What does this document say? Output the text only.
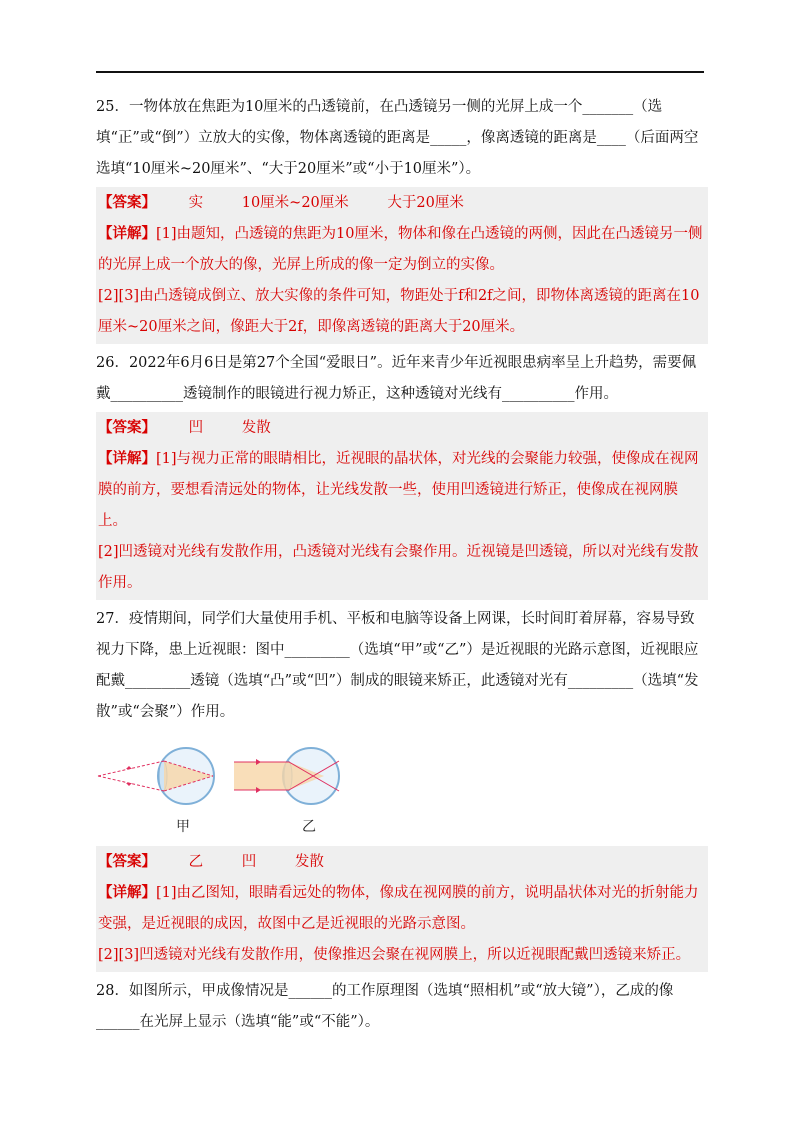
25．一物体放在焦距为10厘米的凸透镜前，在凸透镜另一侧的光屏上成一个_______（选填“正”或“倒”）立放大的实像，物体离透镜的距离是_____，像离透镜的距离是____（后面两空选填“10厘米~20厘米”、“大于20厘米”或“小于10厘米”）。

【答案】 实	10厘米~20厘米	大于20厘米

【详解】[1]由题知，凸透镜的焦距为10厘米，物体和像在凸透镜的两侧，因此在凸透镜另一侧的光屏上成一个放大的像，光屏上所成的像一定为倒立的实像。

[2][3]由凸透镜成倒立、放大实像的条件可知，物距处于f和2f之间，即物体离透镜的距离在10厘米~20厘米之间，像距大于2f，即像离透镜的距离大于20厘米。

26．2022年6月6日是第27个全国“爱眼日”。近年来青少年近视眼患病率呈上升趋势，需要佩戴__________透镜制作的眼镜进行视力矫正，这种透镜对光线有__________作用。

【答案】 凹	发散

【详解】[1]与视力正常的眼睛相比，近视眼的晶状体，对光线的会聚能力较强，使像成在视网膜的前方，要想看清远处的物体，让光线发散一些，使用凹透镜进行矫正，使像成在视网膜上。

[2]凹透镜对光线有发散作用，凸透镜对光线有会聚作用。近视镜是凹透镜，所以对光线有发散作用。

27．疫情期间，同学们大量使用手机、平板和电脑等设备上网课，长时间盯着屏幕，容易导致视力下降，患上近视眼：图中_________（选填“甲”或“乙”）是近视眼的光路示意图，近视眼应配戴_________透镜（选填“凸”或“凹”）制成的眼镜来矫正，此透镜对光有_________（选填“发散”或“会聚”）作用。

甲	乙
【答案】 乙	凹	发散

【详解】[1]由乙图知，眼睛看远处的物体，像成在视网膜的前方，说明晶状体对光的折射能力变强，是近视眼的成因，故图中乙是近视眼的光路示意图。

[2][3]凹透镜对光线有发散作用，使像推迟会聚在视网膜上，所以近视眼配戴凹透镜来矫正。

28．如图所示，甲成像情况是______的工作原理图（选填“照相机”或“放大镜”），乙成的像______在光屏上显示（选填“能”或“不能”）。
